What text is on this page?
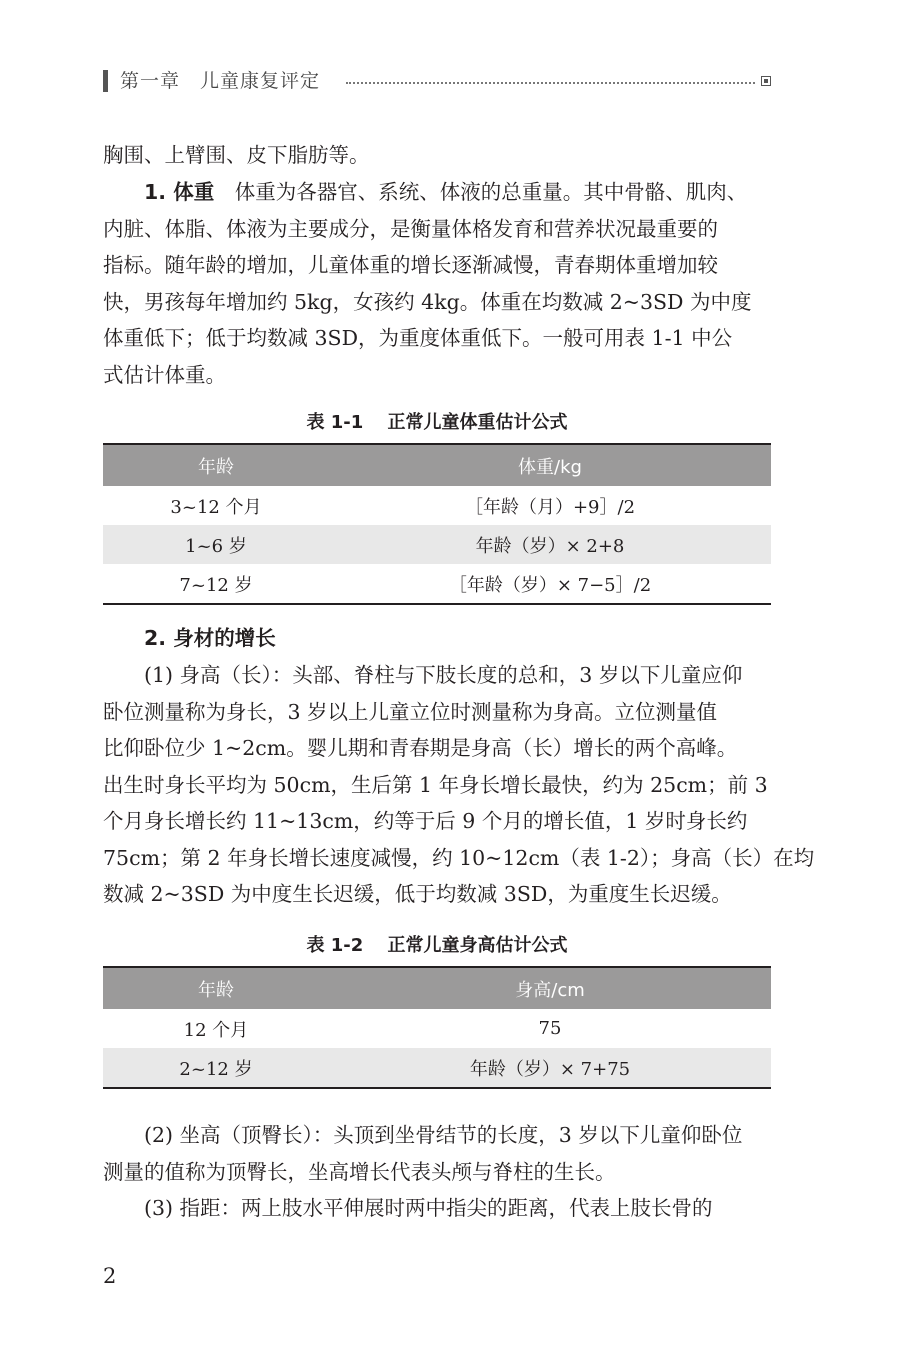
第一章　儿童康复评定
胸围、上臂围、皮下脂肪等。
1. 体重　 体重为各器官、系统、体液的总重量。其中骨骼、肌肉、
内脏、体脂、体液为主要成分，是衡量体格发育和营养状况最重要的
指标。随年龄的增加，儿童体重的增长逐渐减慢，青春期体重增加较
快，男孩每年增加约 5kg，女孩约 4kg。体重在均数减 2~3SD 为中度
体重低下；低于均数减 3SD，为重度体重低下。一般可用表 1-1 中公
式估计体重。
表 1-1　 正常儿童体重估计公式
年龄	体重/kg
3~12 个月	［年龄（月）+9］/2
1~6 岁	年龄（岁）× 2+8
7~12 岁	［年龄（岁）× 7−5］/2
2. 身材的增长
(1) 身高（长）：头部、脊柱与下肢长度的总和，3 岁以下儿童应仰
卧位测量称为身长，3 岁以上儿童立位时测量称为身高。立位测量值
比仰卧位少 1~2cm。婴儿期和青春期是身高（长）增长的两个高峰。
出生时身长平均为 50cm，生后第 1 年身长增长最快，约为 25cm；前 3
个月身长增长约 11~13cm，约等于后 9 个月的增长值，1 岁时身长约
75cm；第 2 年身长增长速度减慢，约 10~12cm（表 1-2）；身高（长）在均
数减 2~3SD 为中度生长迟缓，低于均数减 3SD，为重度生长迟缓。
表 1-2　 正常儿童身高估计公式
年龄	身高/cm
12 个月	75
2~12 岁	年龄（岁）× 7+75
(2) 坐高（顶臀长）：头顶到坐骨结节的长度，3 岁以下儿童仰卧位
测量的值称为顶臀长，坐高增长代表头颅与脊柱的生长。
(3) 指距：两上肢水平伸展时两中指尖的距离，代表上肢长骨的
2
